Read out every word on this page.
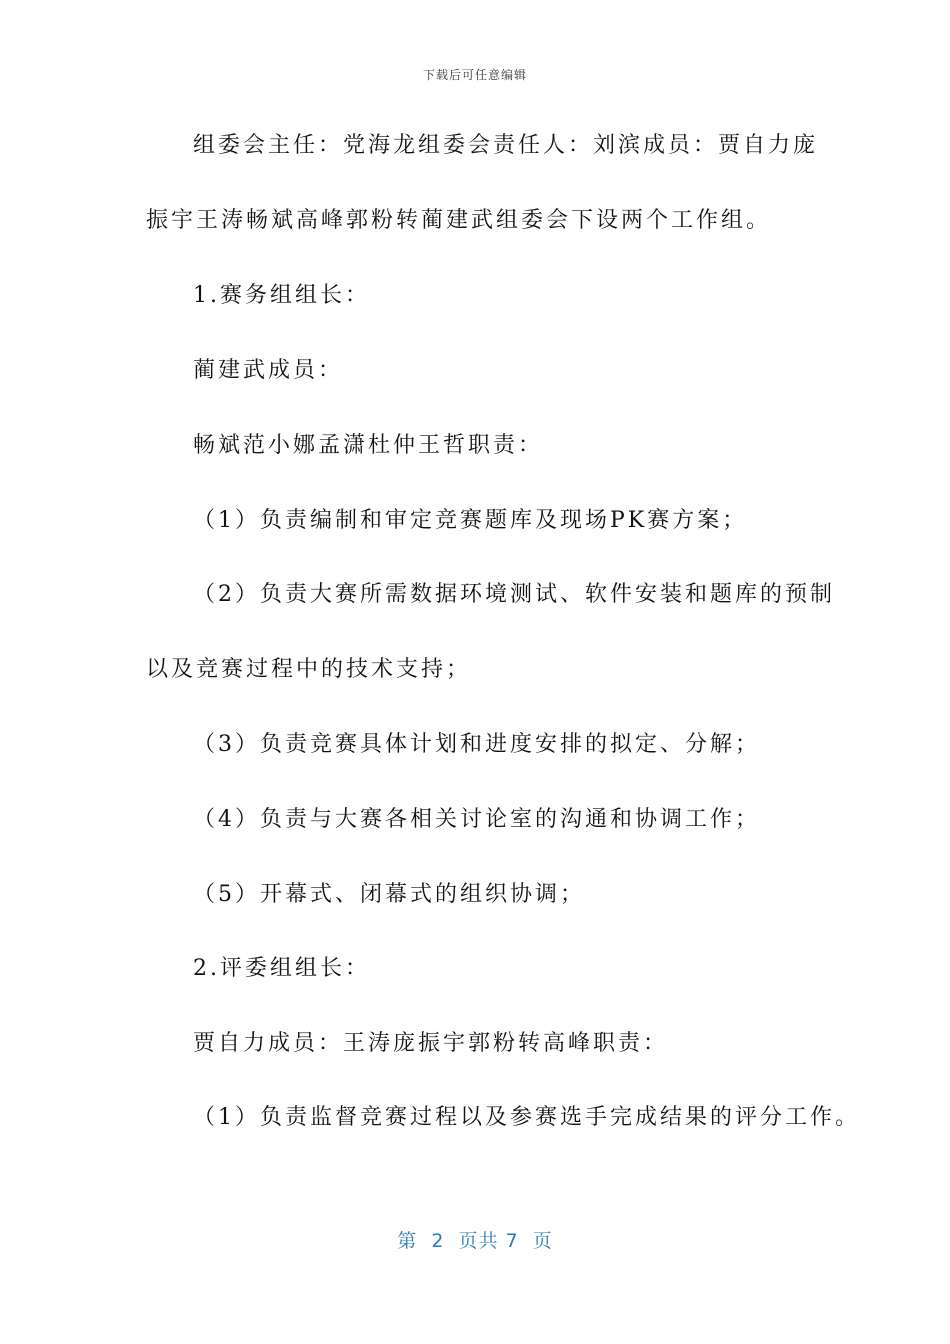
下载后可任意编辑
组委会主任：党海龙组委会责任人：刘滨成员：贾自力庞
振宇王涛畅斌高峰郭粉转蔺建武组委会下设两个工作组。
1.赛务组组长：
蔺建武成员：
畅斌范小娜孟潇杜仲王哲职责：
（1）负责编制和审定竞赛题库及现场PK赛方案；
（2）负责大赛所需数据环境测试、软件安装和题库的预制
以及竞赛过程中的技术支持；
（3）负责竞赛具体计划和进度安排的拟定、分解；
（4）负责与大赛各相关讨论室的沟通和协调工作；
（5）开幕式、闭幕式的组织协调；
2.评委组组长：
贾自力成员：王涛庞振宇郭粉转高峰职责：
（1）负责监督竞赛过程以及参赛选手完成结果的评分工作。
第  2  页共 7  页
